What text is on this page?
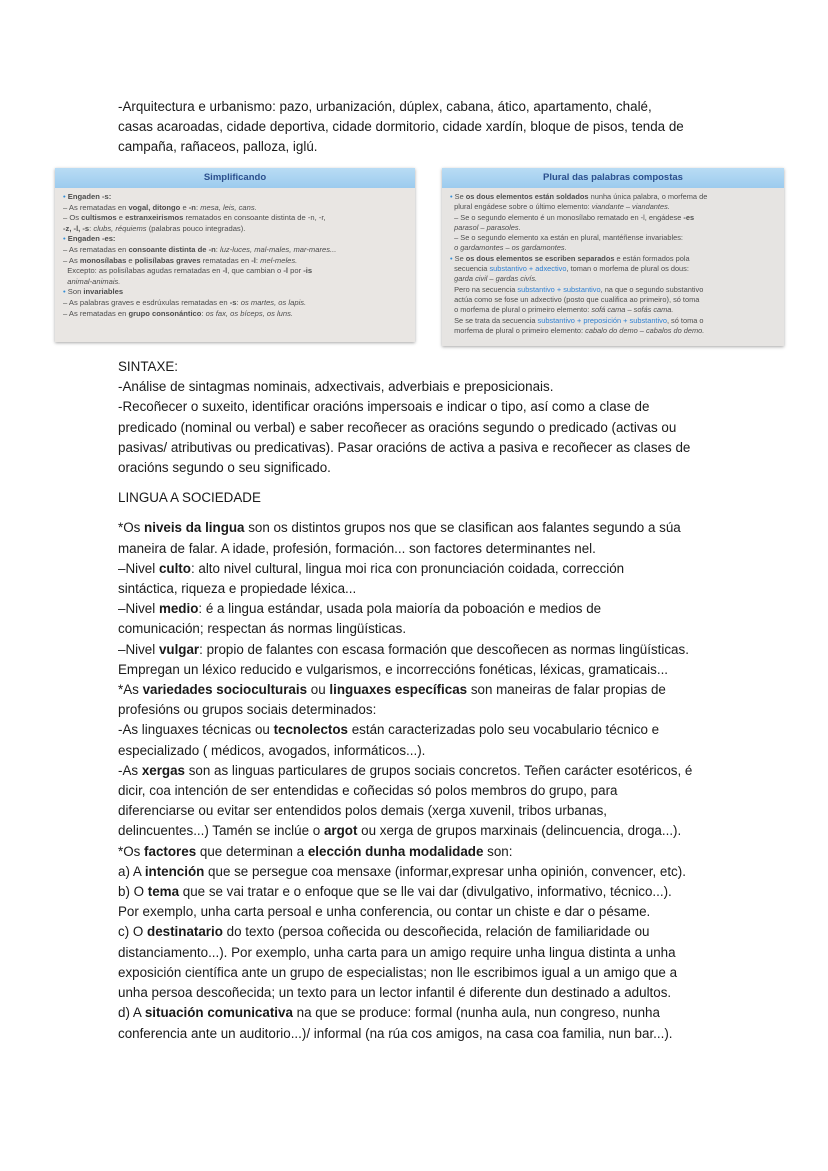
-Arquitectura e urbanismo: pazo, urbanización, dúplex, cabana, ático, apartamento, chalé,

casas acaroadas, cidade deportiva, cidade dormitorio, cidade xardín, bloque de pisos, tenda de

campaña, rañaceos, palloza, iglú.

Simplificando
• Engaden -s:
– As rematadas en vogal, ditongo e -n: mesa, leis, cans.
– Os cultismos e estranxeirismos rematados en consoante distinta de -n, -r,
-z, -l, -s: clubs, réquiems (palabras pouco integradas).
• Engaden -es:
– As rematadas en consoante distinta de -n: luz-luces, mal-males, mar-mares...
– As monosílabas e polisílabas graves rematadas en -l: mel-meles.
Excepto: as polisílabas agudas rematadas en -l, que cambian o -l por -is
animal-animais.
• Son invariables
– As palabras graves e esdrúxulas rematadas en -s: os martes, os lapis.
– As rematadas en grupo consonántico: os fax, os bíceps, os luns.
Plural das palabras compostas
• Se os dous elementos están soldados nunha única palabra, o morfema de
plural engádese sobre o último elemento: viandante – viandantes.
– Se o segundo elemento é un monosílabo rematado en -l, engádese -es
parasol – parasoles.
– Se o segundo elemento xa están en plural, mantéñense invariables:
o gardamontes – os gardamontes.
• Se os dous elementos se escriben separados e están formados pola
secuencia substantivo + adxectivo, toman o morfema de plural os dous:
garda civil – gardas civís.
Pero na secuencia substantivo + substantivo, na que o segundo substantivo
actúa como se fose un adxectivo (posto que cualifica ao primeiro), só toma
o morfema de plural o primeiro elemento: sofá cama – sofás cama.
Se se trata da secuencia substantivo + preposición + substantivo, só toma o
morfema de plural o primeiro elemento: cabalo do demo – cabalos do demo.

SINTAXE:

-Análise de sintagmas nominais, adxectivais, adverbiais e preposicionais.

-Recoñecer o suxeito, identificar oracións impersoais e indicar o tipo, así como a clase de

predicado (nominal ou verbal) e saber recoñecer as oracións segundo o predicado (activas ou

pasivas/ atributivas ou predicativas). Pasar oracións de activa a pasiva e recoñecer as clases de

oracións segundo o seu significado.

LINGUA A SOCIEDADE

*Os niveis da lingua son os distintos grupos nos que se clasifican aos falantes segundo a súa

maneira de falar. A idade, profesión, formación... son factores determinantes nel.

–Nivel culto: alto nivel cultural, lingua moi rica con pronunciación coidada, corrección

sintáctica, riqueza e propiedade léxica...

–Nivel medio: é a lingua estándar, usada pola maioría da poboación e medios de

comunicación; respectan ás normas lingüísticas.

–Nivel vulgar: propio de falantes con escasa formación que descoñecen as normas lingüísticas.

Empregan un léxico reducido e vulgarismos, e incorreccións fonéticas, léxicas, gramaticais...

*As variedades socioculturais ou linguaxes específicas son maneiras de falar propias de

profesións ou grupos sociais determinados:

-As linguaxes técnicas ou tecnolectos están caracterizadas polo seu vocabulario técnico e

especializado ( médicos, avogados, informáticos...).

-As xergas son as linguas particulares de grupos sociais concretos. Teñen carácter esotéricos, é

dicir, coa intención de ser entendidas e coñecidas só polos membros do grupo, para

diferenciarse ou evitar ser entendidos polos demais (xerga xuvenil, tribos urbanas,

delincuentes...) Tamén se inclúe o argot ou xerga de grupos marxinais (delincuencia, droga...).

*Os factores que determinan a elección dunha modalidade son:

a) A intención que se persegue coa mensaxe (informar,expresar unha opinión, convencer, etc).

b) O tema que se vai tratar e o enfoque que se lle vai dar (divulgativo, informativo, técnico...).

Por exemplo, unha carta persoal e unha conferencia, ou contar un chiste e dar o pésame.

c) O destinatario do texto (persoa coñecida ou descoñecida, relación de familiaridade ou

distanciamento...). Por exemplo, unha carta para un amigo require unha lingua distinta a unha

exposición científica ante un grupo de especialistas; non lle escribimos igual a un amigo que a

unha persoa descoñecida; un texto para un lector infantil é diferente dun destinado a adultos.

d) A situación comunicativa na que se produce: formal (nunha aula, nun congreso, nunha

conferencia ante un auditorio...)/ informal (na rúa cos amigos, na casa coa familia, nun bar...).
